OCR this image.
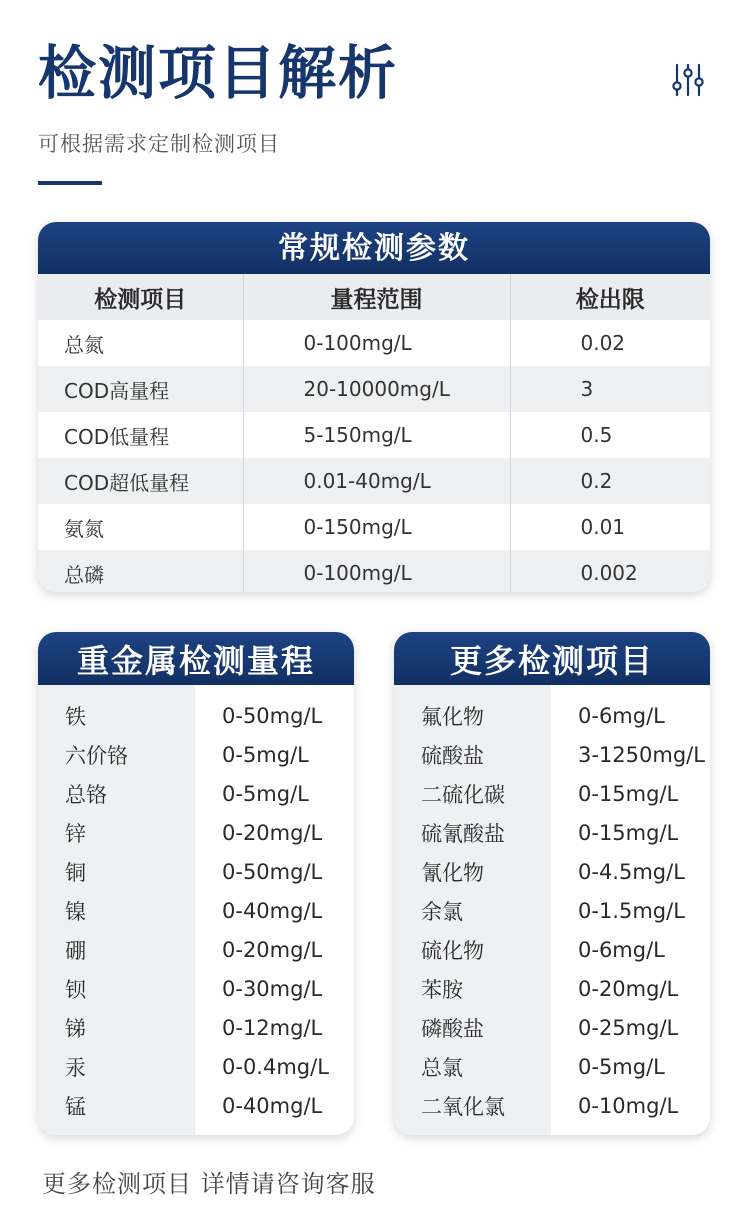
检测项目解析
可根据需求定制检测项目
常规检测参数
检测项目	量程范围	检出限
总氮	0-100mg/L	0.02
COD高量程	20-10000mg/L	3
COD低量程	5-150mg/L	0.5
COD超低量程	0.01-40mg/L	0.2
氨氮	0-150mg/L	0.01
总磷	0-100mg/L	0.002
重金属检测量程
铁	0-50mg/L
六价铬	0-5mg/L
总铬	0-5mg/L
锌	0-20mg/L
铜	0-50mg/L
镍	0-40mg/L
硼	0-20mg/L
钡	0-30mg/L
锑	0-12mg/L
汞	0-0.4mg/L
锰	0-40mg/L
更多检测项目
氟化物	0-6mg/L
硫酸盐	3-1250mg/L
二硫化碳	0-15mg/L
硫氰酸盐	0-15mg/L
氰化物	0-4.5mg/L
余氯	0-1.5mg/L
硫化物	0-6mg/L
苯胺	0-20mg/L
磷酸盐	0-25mg/L
总氯	0-5mg/L
二氧化氯	0-10mg/L
更多检测项目 详情请咨询客服
